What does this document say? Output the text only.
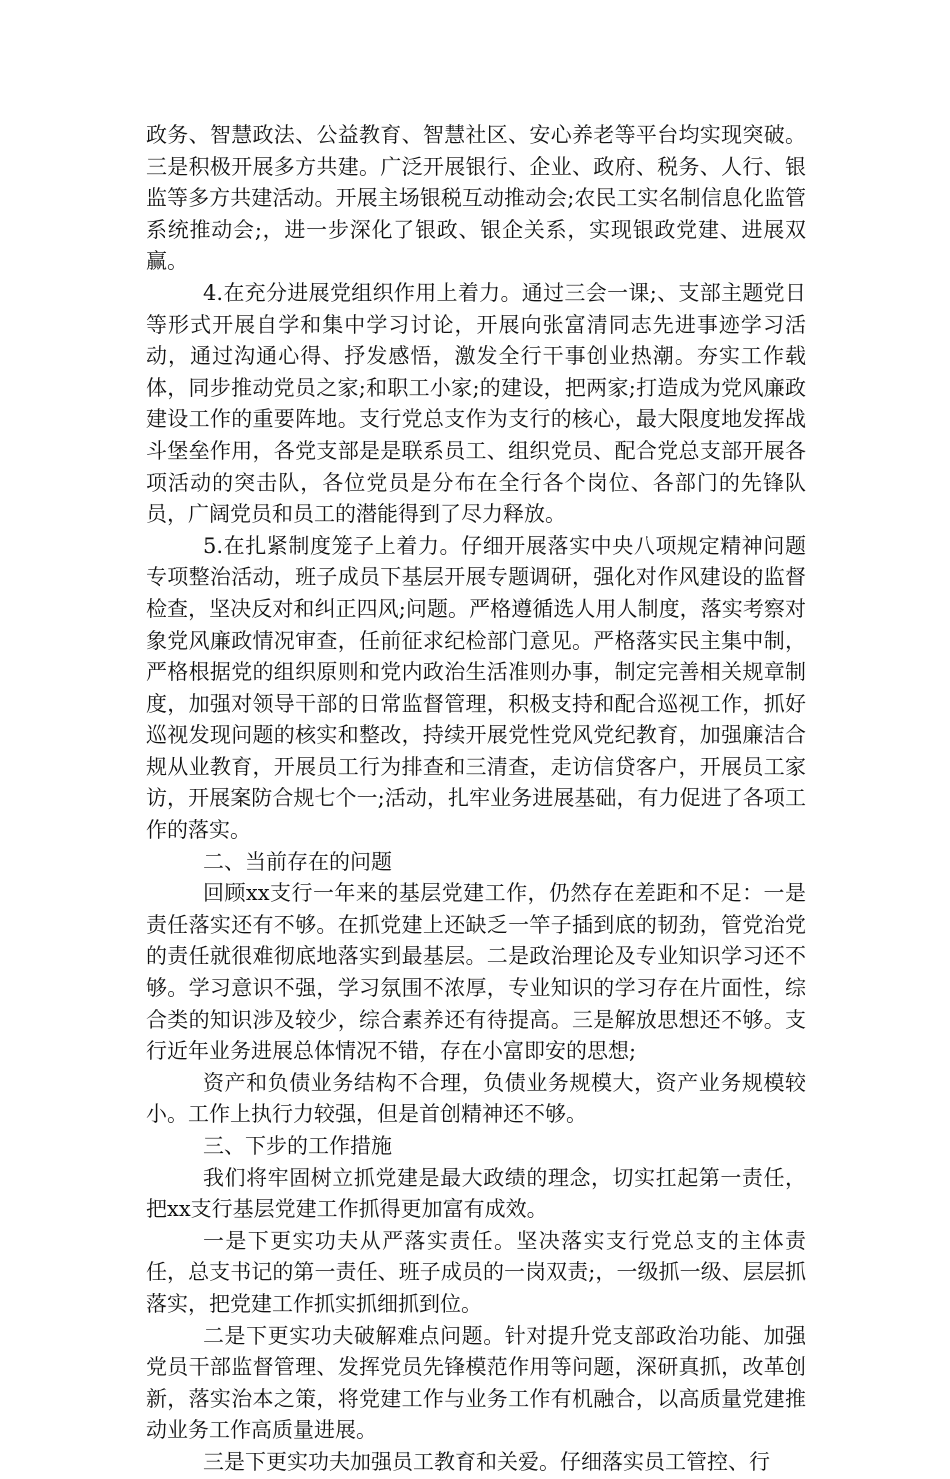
政务、智慧政法、公益教育、智慧社区、安心养老等平台均实现突破。三是积极开展多方共建。广泛开展银行、企业、政府、税务、人行、银监等多方共建活动。开展主场银税互动推动会;农民工实名制信息化监管系统推动会;，进一步深化了银政、银企关系，实现银政党建、进展双赢。

4.在充分进展党组织作用上着力。通过三会一课;、支部主题党日等形式开展自学和集中学习讨论，开展向张富清同志先进事迹学习活动，通过沟通心得、抒发感悟，激发全行干事创业热潮。夯实工作载体，同步推动党员之家;和职工小家;的建设，把两家;打造成为党风廉政建设工作的重要阵地。支行党总支作为支行的核心，最大限度地发挥战斗堡垒作用，各党支部是是联系员工、组织党员、配合党总支部开展各项活动的突击队，各位党员是分布在全行各个岗位、各部门的先锋队员，广阔党员和员工的潜能得到了尽力释放。

5.在扎紧制度笼子上着力。仔细开展落实中央八项规定精神问题专项整治活动，班子成员下基层开展专题调研，强化对作风建设的监督检查，坚决反对和纠正四风;问题。严格遵循选人用人制度，落实考察对象党风廉政情况审查，任前征求纪检部门意见。严格落实民主集中制，严格根据党的组织原则和党内政治生活准则办事，制定完善相关规章制度，加强对领导干部的日常监督管理，积极支持和配合巡视工作，抓好巡视发现问题的核实和整改，持续开展党性党风党纪教育，加强廉洁合规从业教育，开展员工行为排查和三清查，走访信贷客户，开展员工家访，开展案防合规七个一;活动，扎牢业务进展基础，有力促进了各项工作的落实。

二、当前存在的问题

回顾xx支行一年来的基层党建工作，仍然存在差距和不足：一是责任落实还有不够。在抓党建上还缺乏一竿子插到底的韧劲，管党治党的责任就很难彻底地落实到最基层。二是政治理论及专业知识学习还不够。学习意识不强，学习氛围不浓厚，专业知识的学习存在片面性，综合类的知识涉及较少，综合素养还有待提高。三是解放思想还不够。支行近年业务进展总体情况不错，存在小富即安的思想;

资产和负债业务结构不合理，负债业务规模大，资产业务规模较小。工作上执行力较强，但是首创精神还不够。

三、下步的工作措施

我们将牢固树立抓党建是最大政绩的理念，切实扛起第一责任，把xx支行基层党建工作抓得更加富有成效。

一是下更实功夫从严落实责任。坚决落实支行党总支的主体责任，总支书记的第一责任、班子成员的一岗双责;，一级抓一级、层层抓落实，把党建工作抓实抓细抓到位。

二是下更实功夫破解难点问题。针对提升党支部政治功能、加强党员干部监督管理、发挥党员先锋模范作用等问题，深研真抓，改革创新，落实治本之策，将党建工作与业务工作有机融合，以高质量党建推动业务工作高质量进展。

三是下更实功夫加强员工教育和关爱。仔细落实员工管控、行
